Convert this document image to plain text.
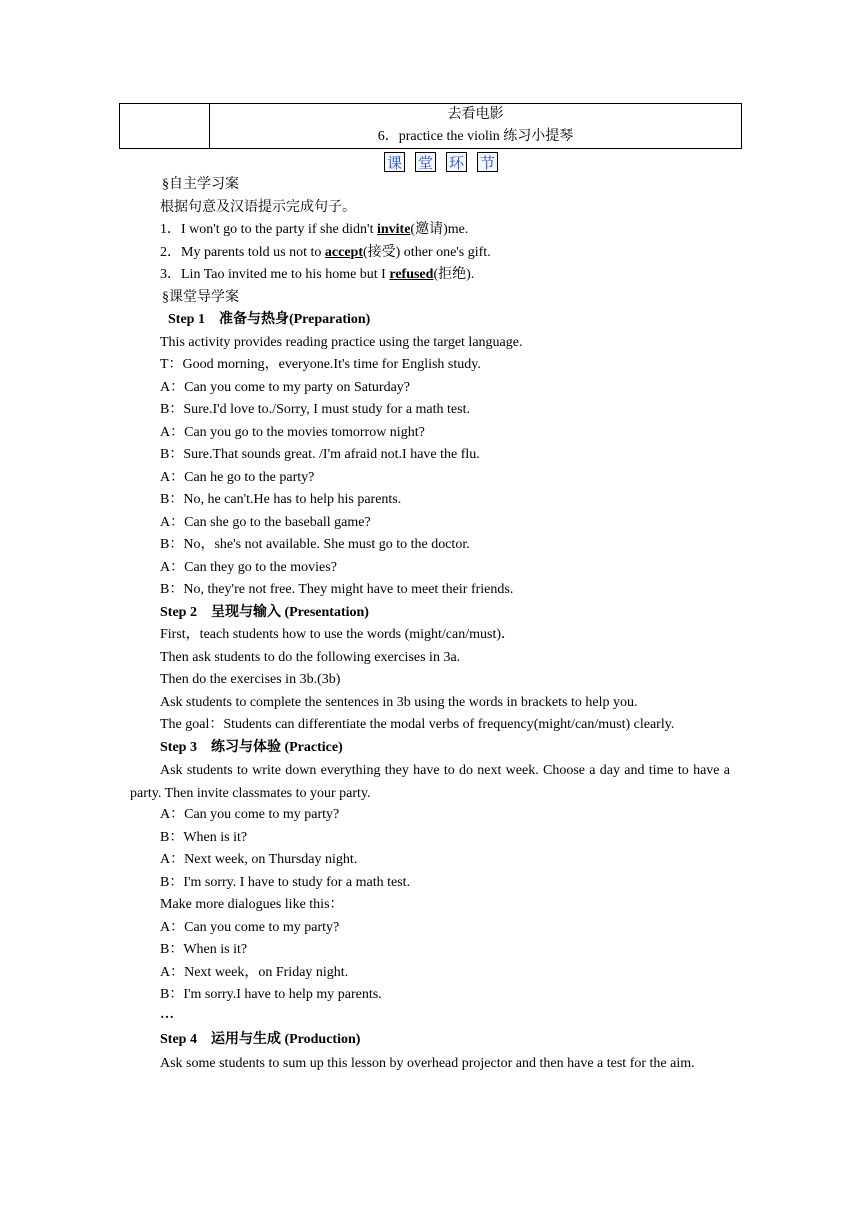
去看电影
6．practice the violin 练习小提琴
课 堂 环 节
§自主学习案
根据句意及汉语提示完成句子。
1．I won't go to the party if she didn't invite(邀请)me.
2．My parents told us not to accept(接受) other one's gift.
3．Lin Tao invited me to his home but I refused(拒绝).
§课堂导学案
Step 1　准备与热身(Preparation)
This activity provides reading practice using the target language.
T：Good morning，everyone.It's time for English study.
A：Can you come to my party on Saturday?
B：Sure.I'd love to./Sorry, I must study for a math test.
A：Can you go to the movies tomorrow night?
B：Sure.That sounds great. /I'm afraid not.I have the flu.
A：Can he go to the party?
B：No, he can't.He has to help his parents.
A：Can she go to the baseball game?
B：No，she's not available. She must go to the doctor.
A：Can they go to the movies?
B：No, they're not free. They might have to meet their friends.
Step 2　呈现与输入 (Presentation)
First，teach students how to use the words (might/can/must)．
Then ask students to do the following exercises in 3a.
Then do the exercises in 3b.(3b)
Ask students to complete the sentences in 3b using the words in brackets to help you.
The goal：Students can differentiate the modal verbs of frequency(might/can/must) clearly.
Step 3　练习与体验 (Practice)
Ask students to write down everything they have to do next week. Choose a day and time to have a party. Then invite classmates to your party.
A：Can you come to my party?
B：When is it?
A：Next week, on Thursday night.
B：I'm sorry. I have to study for a math test.
Make more dialogues like this：
A：Can you come to my party?
B：When is it?
A：Next week，on Friday night.
B：I'm sorry.I have to help my parents.
…
Step 4　运用与生成 (Production)
Ask some students to sum up this lesson by overhead projector and then have a test for the aim.
